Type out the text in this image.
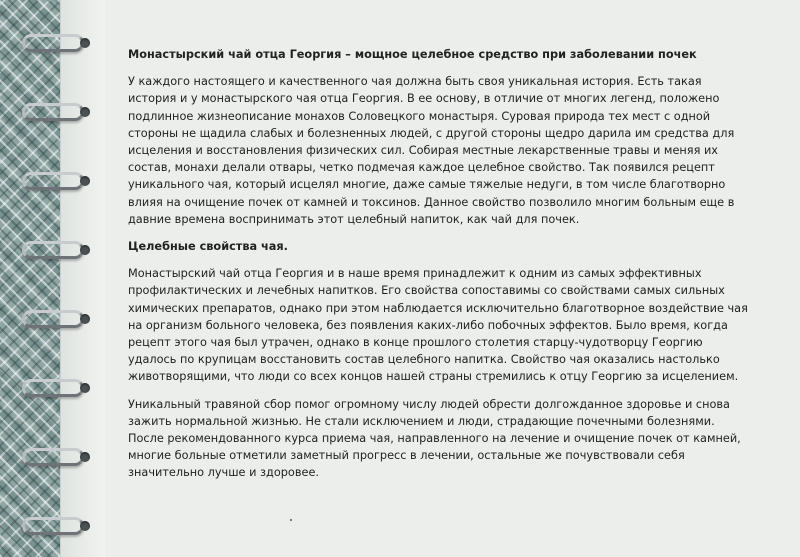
Монастырский чай отца Георгия – мощное целебное средство при заболевании почек

У каждого настоящего и качественного чая должна быть своя уникальная история. Есть такая история и у монастырского чая отца Георгия. В ее основу, в отличие от многих легенд, положено подлинное жизнеописание монахов Соловецкого монастыря. Суровая природа тех мест с одной стороны не щадила слабых и болезненных людей, с другой стороны щедро дарила им средства для исцеления и восстановления физических сил. Собирая местные лекарственные травы и меняя их состав, монахи делали отвары, четко подмечая каждое целебное свойство. Так появился рецепт уникального чая, который исцелял многие, даже самые тяжелые недуги, в том числе благотворно влияя на очищение почек от камней и токсинов. Данное свойство позволило многим больным еще в давние времена воспринимать этот целебный напиток, как чай для почек.

Целебные свойства чая.

Монастырский чай отца Георгия и в наше время принадлежит к одним из самых эффективных профилактических и лечебных напитков. Его свойства сопоставимы со свойствами самых сильных химических препаратов, однако при этом наблюдается исключительно благотворное воздействие чая на организм больного человека, без появления каких-либо побочных эффектов. Было время, когда рецепт этого чая был утрачен, однако в конце прошлого столетия старцу-чудотворцу Георгию удалось по крупицам восстановить состав целебного напитка. Свойство чая оказались настолько животворящими, что люди со всех концов нашей страны стремились к отцу Георгию за исцелением.

Уникальный травяной сбор помог огромному числу людей обрести долгожданное здоровье и снова зажить нормальной жизнью. Не стали исключением и люди, страдающие почечными болезнями. После рекомендованного курса приема чая, направленного на лечение и очищение почек от камней, многие больные отметили заметный прогресс в лечении, остальные же почувствовали себя значительно лучше и здоровее.
